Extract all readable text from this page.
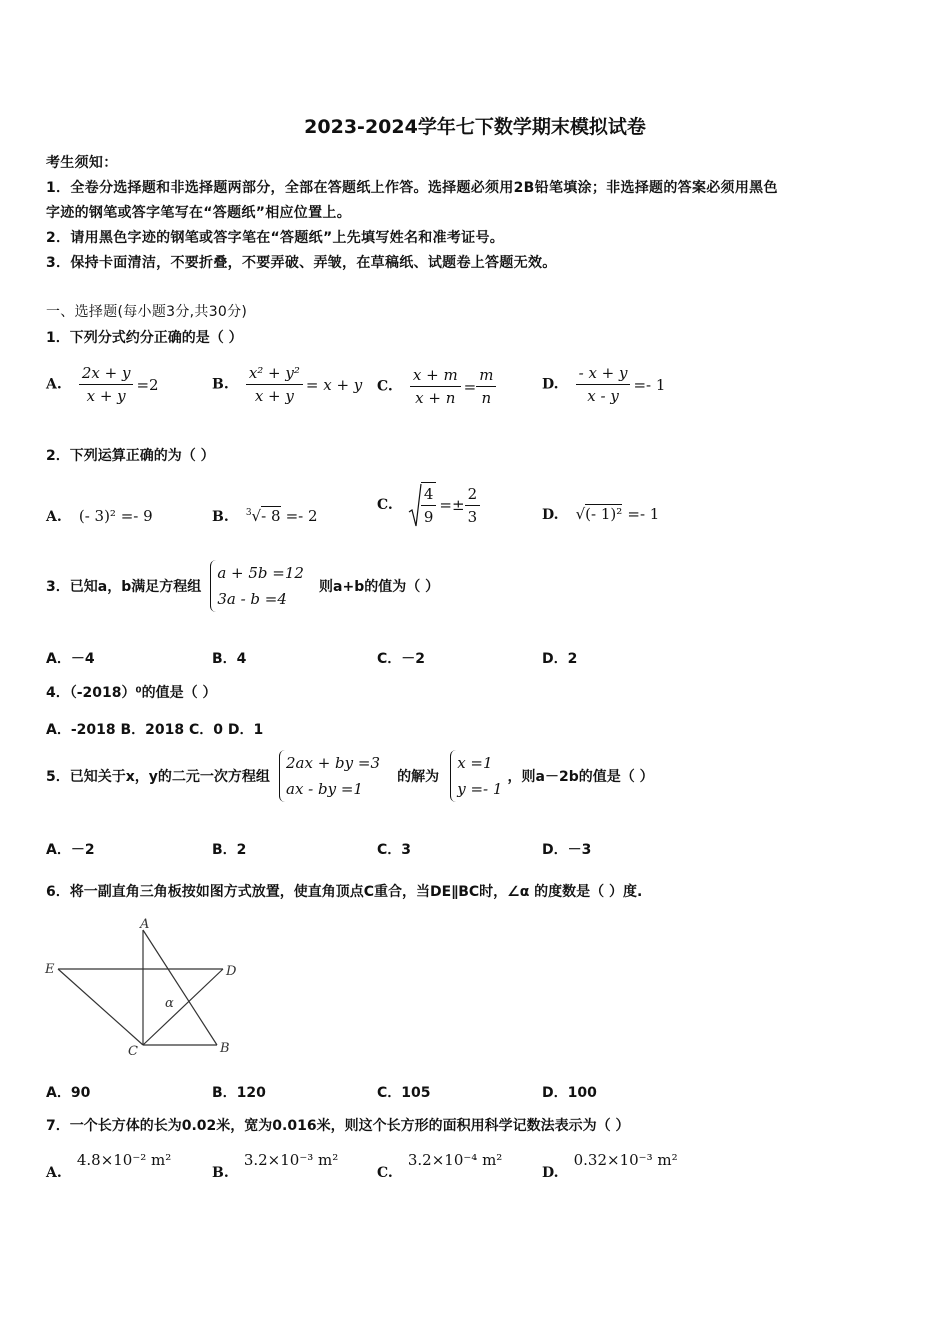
2023-2024学年七下数学期末模拟试卷
考生须知：
1．全卷分选择题和非选择题两部分，全部在答题纸上作答。选择题必须用2B铅笔填涂；非选择题的答案必须用黑色
字迹的钢笔或答字笔写在“答题纸”相应位置上。
2．请用黑色字迹的钢笔或答字笔在“答题纸”上先填写姓名和准考证号。
3．保持卡面清洁，不要折叠，不要弄破、弄皱，在草稿纸、试题卷上答题无效。
一、选择题(每小题3分,共30分)
1．下列分式约分正确的是（ ）
A. $\frac{2x + y}{x + y} =2$	B. $\frac{\text{x² + y²}}{x + y} = x + y$ C. $\frac{x + m}{x + n} = \frac{m}{n}$	D. $\frac{- x + y}{x - y} =- 1$
2．下列运算正确的为（ ）
A. (- 3)² =- 9	B. $^3$√- 8 =- 2
C. $\frac{4}{9} =\pm \frac{2}{3}$	D. √(- 1)² =- 1
3．已知a，b满足方程组
a + 5b =12
3a - b =4
则a+b的值为（ ）
A．－4	B．4	C．－2	D．2
4．（-2018）⁰的值是（ ）
A．-2018 B．2018 C．0 D．1
5．已知关于x，y的二元一次方程组
2ax + by =3
ax - by =1
的解为
x =1
y =- 1
，则a－2b的值是（ ）
A．－2	B．2	C．3	D．－3
6．将一副直角三角板按如图方式放置，使直角顶点C重合，当DE∥BC时，∠α 的度数是（ ）度.
A
E	D
C	B
α
A．90	B．120	C．105	D．100
7．一个长方体的长为0.02米，宽为0.016米，则这个长方形的面积用科学记数法表示为（ ）
A. 4.8×10⁻² m²
B. 3.2×10⁻³ m²
C. 3.2×10⁻⁴ m²
D. 0.32×10⁻³ m²
